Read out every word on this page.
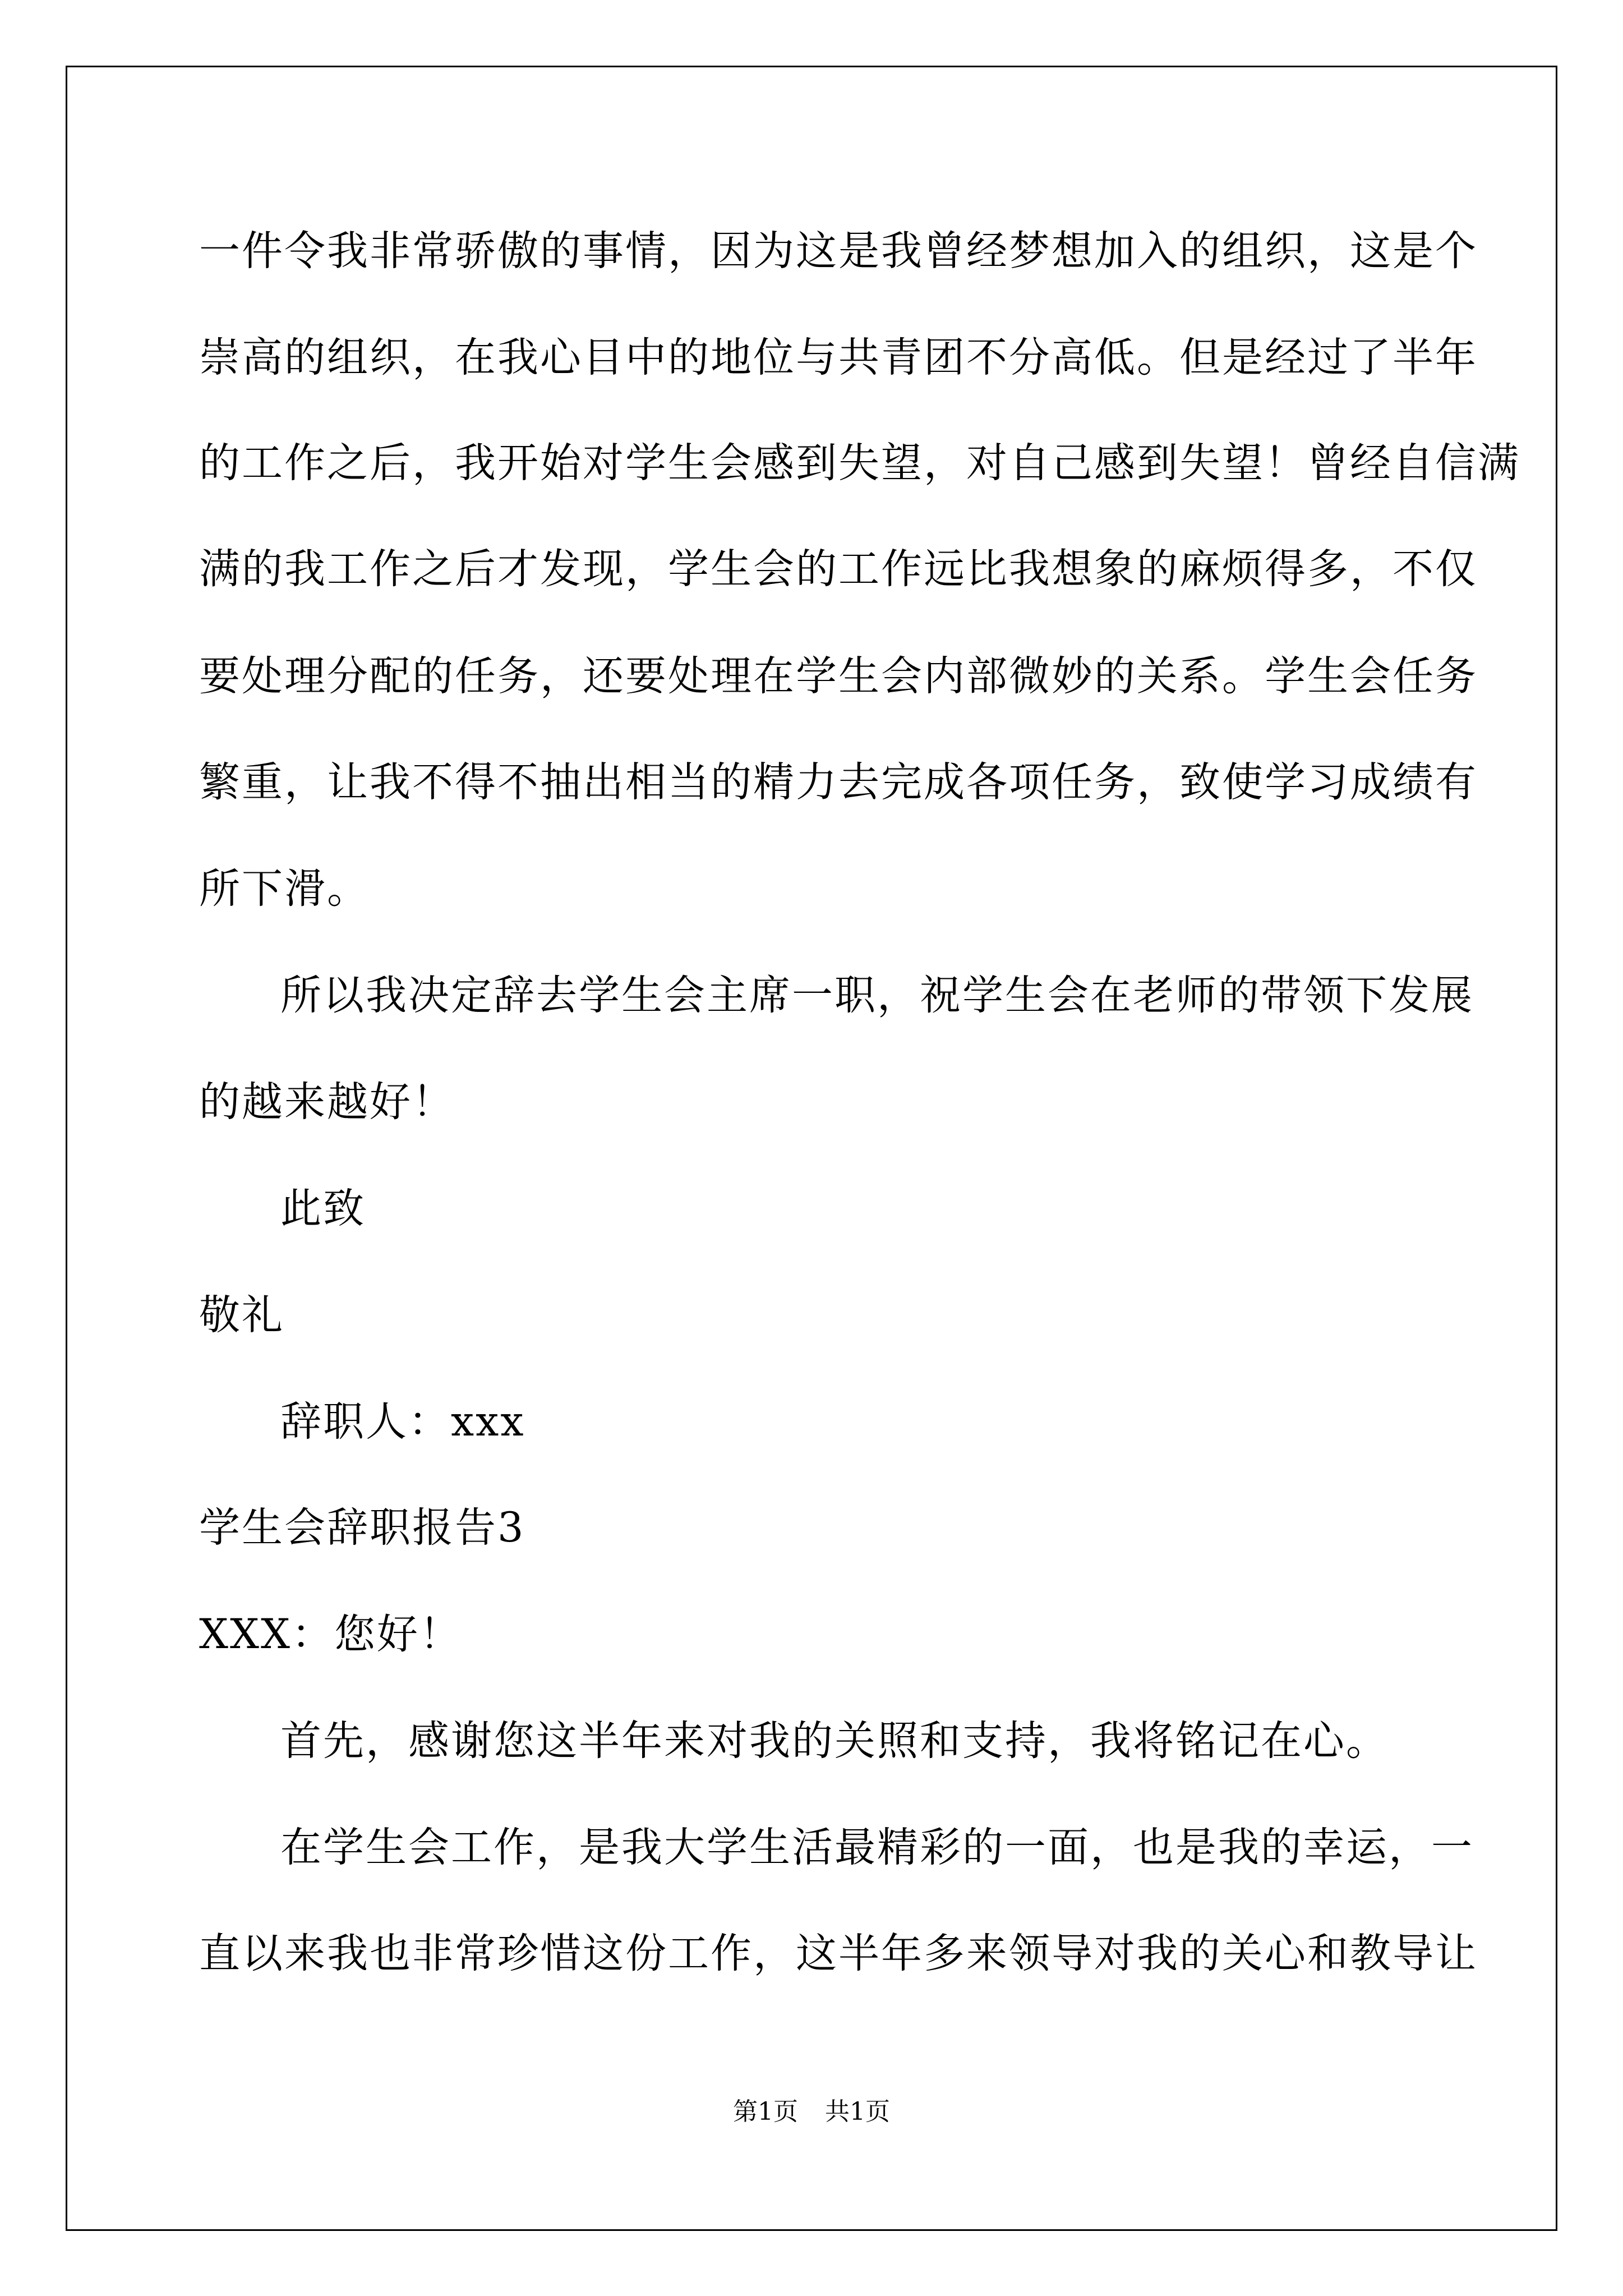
一件令我非常骄傲的事情，因为这是我曾经梦想加入的组织，这是个
崇高的组织，在我心目中的地位与共青团不分高低。但是经过了半年
的工作之后，我开始对学生会感到失望，对自己感到失望！曾经自信满
满的我工作之后才发现，学生会的工作远比我想象的麻烦得多，不仅
要处理分配的任务，还要处理在学生会内部微妙的关系。学生会任务
繁重，让我不得不抽出相当的精力去完成各项任务，致使学习成绩有
所下滑。
所以我决定辞去学生会主席一职，祝学生会在老师的带领下发展
的越来越好！
此致
敬礼
辞职人：xxx
学生会辞职报告3
XXX：您好！
首先，感谢您这半年来对我的关照和支持，我将铭记在心。
在学生会工作，是我大学生活最精彩的一面，也是我的幸运，一
直以来我也非常珍惜这份工作，这半年多来领导对我的关心和教导让
第1页 共1页
